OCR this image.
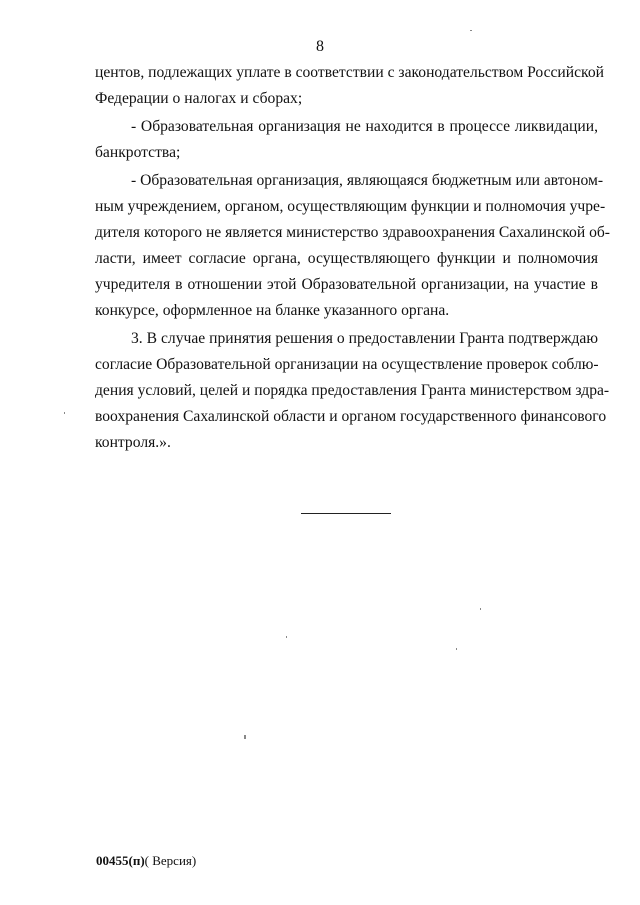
8
центов, подлежащих уплате в соответствии с законодательством Российской
Федерации о налогах и сборах;
- Образовательная организация не находится в процессе ликвидации,
банкротства;
- Образовательная организация, являющаяся бюджетным или автоном-
ным учреждением, органом, осуществляющим функции и полномочия учре-
дителя которого не является министерство здравоохранения Сахалинской об-
ласти, имеет согласие органа, осуществляющего функции и полномочия
учредителя в отношении этой Образовательной организации, на участие в
конкурсе, оформленное на бланке указанного органа.
3. В случае принятия решения о предоставлении Гранта подтверждаю
согласие Образовательной организации на осуществление проверок соблю-
дения условий, целей и порядка предоставления Гранта министерством здра-
воохранения Сахалинской области и органом государственного финансового
контроля.».
00455(п)( Версия)
